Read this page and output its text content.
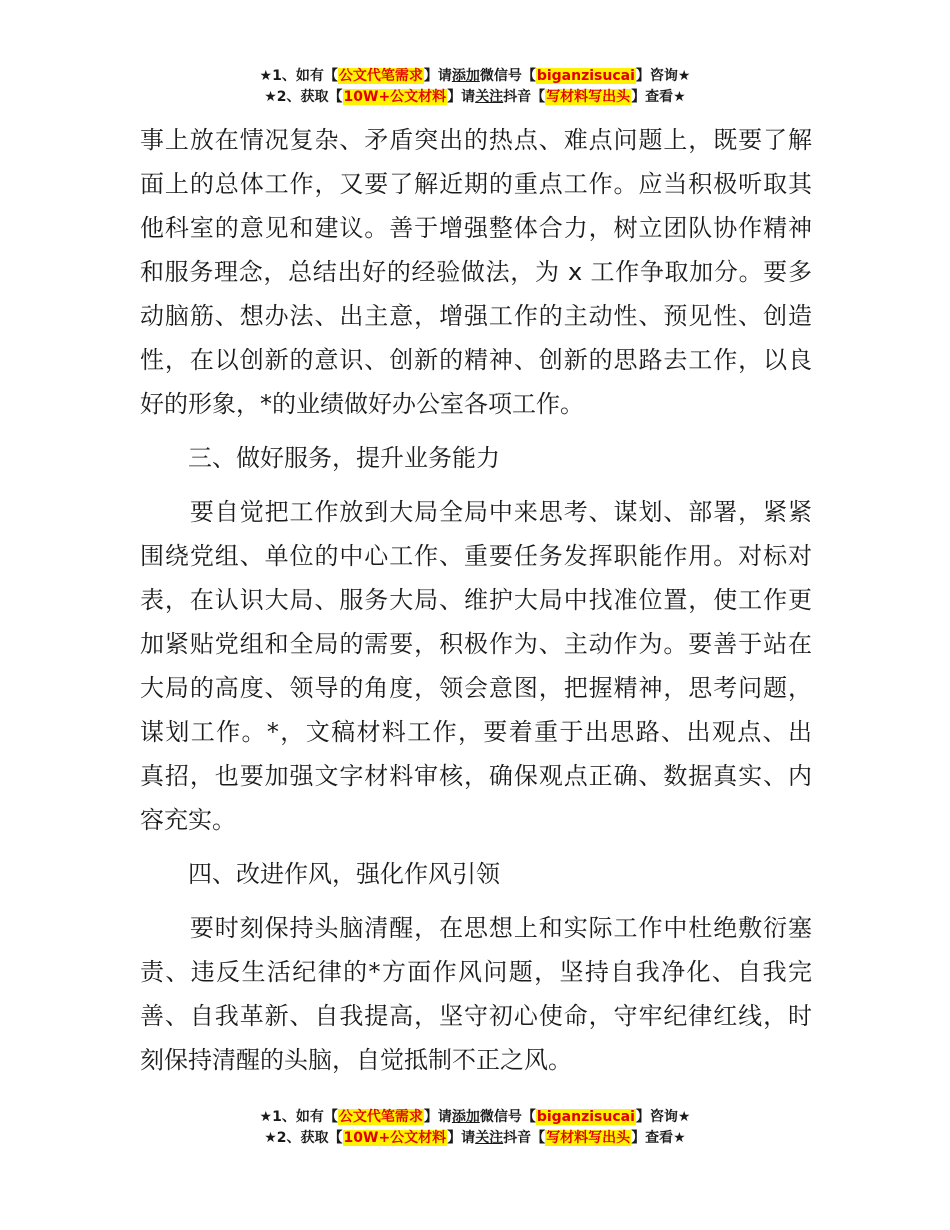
★1、如有【公文代笔需求】请添加微信号【biganzisucai】咨询★
★2、获取【10W+公文材料】请关注抖音【写材料写出头】查看★
事上放在情况复杂、矛盾突出的热点、难点问题上，既要了解
面上的总体工作，又要了解近期的重点工作。应当积极听取其
他科室的意见和建议。善于增强整体合力，树立团队协作精神
和服务理念，总结出好的经验做法，为 x 工作争取加分。要多
动脑筋、想办法、出主意，增强工作的主动性、预见性、创造
性，在以创新的意识、创新的精神、创新的思路去工作，以良
好的形象，*的业绩做好办公室各项工作。
三、做好服务，提升业务能力
　　要自觉把工作放到大局全局中来思考、谋划、部署，紧紧
围绕党组、单位的中心工作、重要任务发挥职能作用。对标对
表，在认识大局、服务大局、维护大局中找准位置，使工作更
加紧贴党组和全局的需要，积极作为、主动作为。要善于站在
大局的高度、领导的角度，领会意图，把握精神，思考问题，
谋划工作。*，文稿材料工作，要着重于出思路、出观点、出
真招，也要加强文字材料审核，确保观点正确、数据真实、内
容充实。
四、改进作风，强化作风引领
　　要时刻保持头脑清醒，在思想上和实际工作中杜绝敷衍塞
责、违反生活纪律的*方面作风问题，坚持自我净化、自我完
善、自我革新、自我提高，坚守初心使命，守牢纪律红线，时
刻保持清醒的头脑，自觉抵制不正之风。
★1、如有【公文代笔需求】请添加微信号【biganzisucai】咨询★
★2、获取【10W+公文材料】请关注抖音【写材料写出头】查看★
